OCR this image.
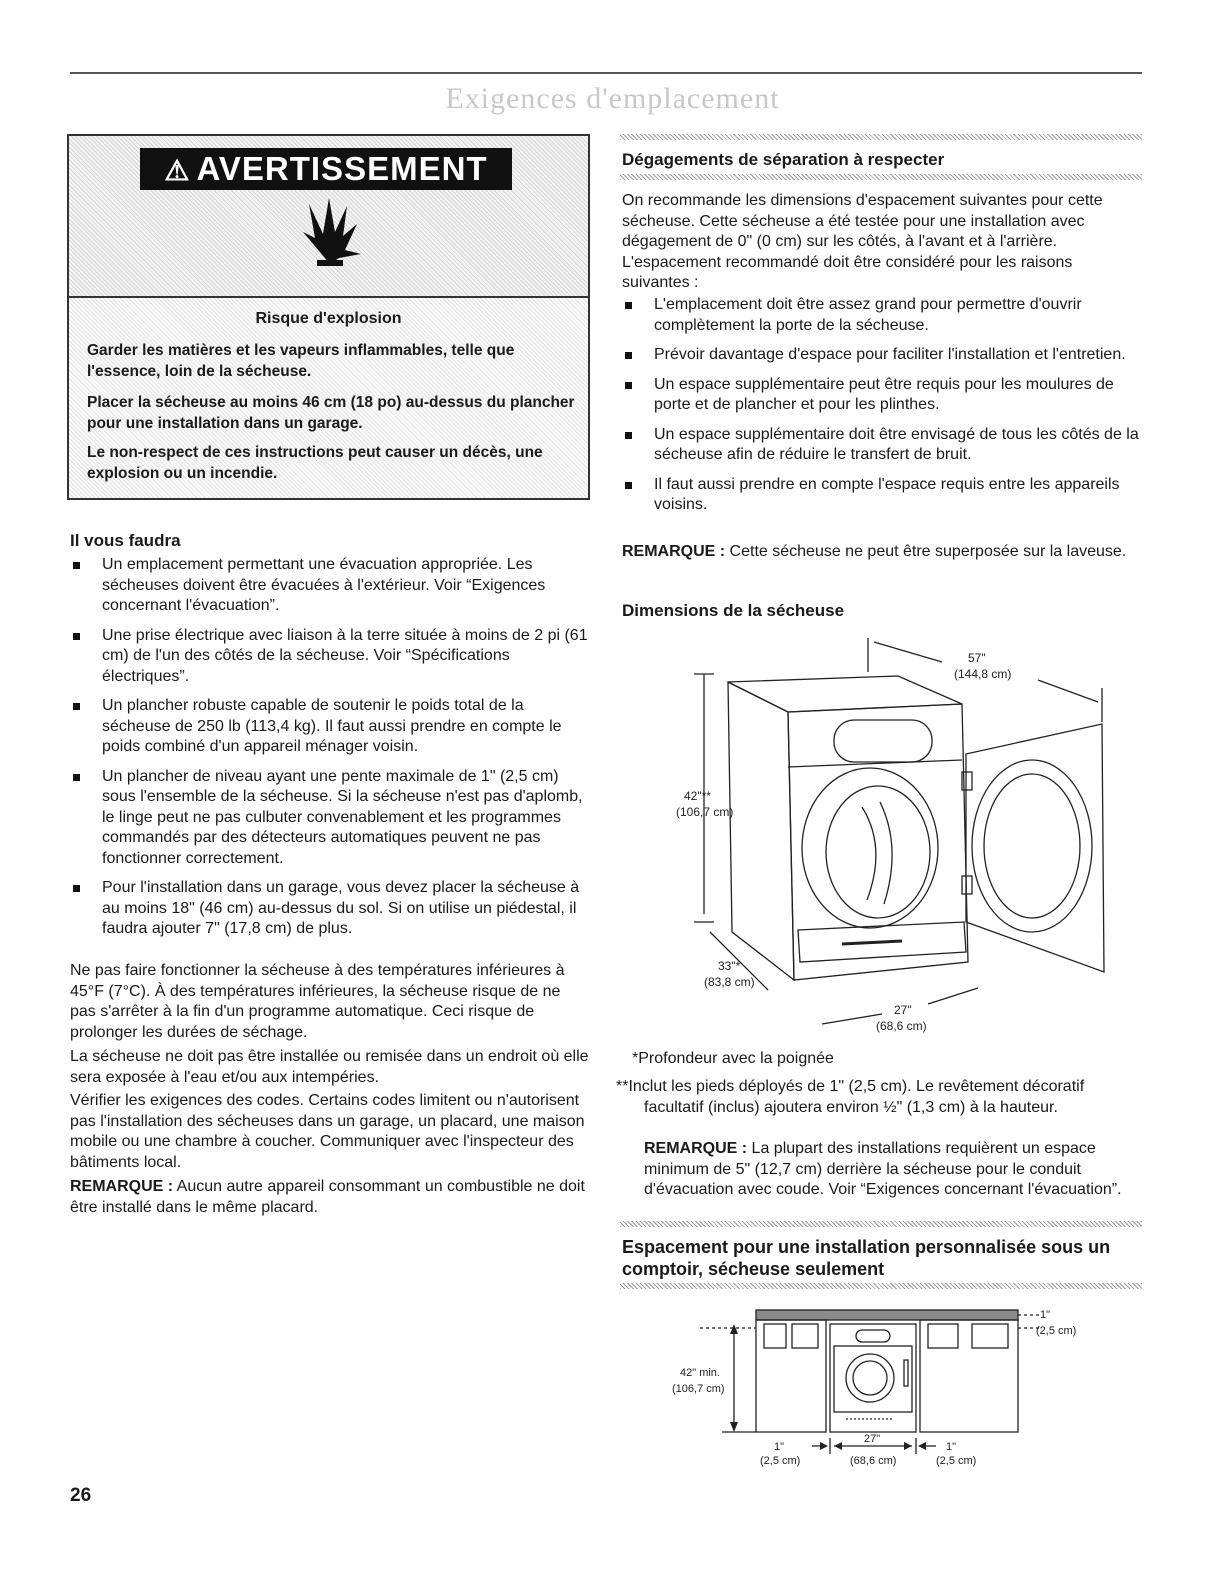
Exigences d'emplacement
⚠ AVERTISSEMENT
Risque d'explosion

Garder les matières et les vapeurs inflammables, telle que l'essence, loin de la sécheuse.

Placer la sécheuse au moins 46 cm (18 po) au-dessus du plancher pour une installation dans un garage.

Le non-respect de ces instructions peut causer un décès, une explosion ou un incendie.

Il vous faudra
Un emplacement permettant une évacuation appropriée. Les sécheuses doivent être évacuées à l'extérieur. Voir “Exigences concernant l'évacuation”.
Une prise électrique avec liaison à la terre située à moins de 2 pi (61 cm) de l'un des côtés de la sécheuse. Voir “Spécifications électriques”.
Un plancher robuste capable de soutenir le poids total de la sécheuse de 250 lb (113,4 kg). Il faut aussi prendre en compte le poids combiné d'un appareil ménager voisin.
Un plancher de niveau ayant une pente maximale de 1" (2,5 cm) sous l'ensemble de la sécheuse. Si la sécheuse n'est pas d'aplomb, le linge peut ne pas culbuter convenablement et les programmes commandés par des détecteurs automatiques peuvent ne pas fonctionner correctement.
Pour l'installation dans un garage, vous devez placer la sécheuse à au moins 18" (46 cm) au-dessus du sol. Si on utilise un piédestal, il faudra ajouter 7" (17,8 cm) de plus.

Ne pas faire fonctionner la sécheuse à des températures inférieures à 45°F (7°C). À des températures inférieures, la sécheuse risque de ne pas s'arrêter à la fin d'un programme automatique. Ceci risque de prolonger les durées de séchage.

La sécheuse ne doit pas être installée ou remisée dans un endroit où elle sera exposée à l'eau et/ou aux intempéries.

Vérifier les exigences des codes. Certains codes limitent ou n'autorisent pas l'installation des sécheuses dans un garage, un placard, une maison mobile ou une chambre à coucher. Communiquer avec l'inspecteur des bâtiments local.

REMARQUE : Aucun autre appareil consommant un combustible ne doit être installé dans le même placard.

Dégagements de séparation à respecter

On recommande les dimensions d'espacement suivantes pour cette sécheuse. Cette sécheuse a été testée pour une installation avec dégagement de 0" (0 cm) sur les côtés, à l'avant et à l'arrière. L'espacement recommandé doit être considéré pour les raisons suivantes :

L'emplacement doit être assez grand pour permettre d'ouvrir complètement la porte de la sécheuse.
Prévoir davantage d'espace pour faciliter l'installation et l'entretien.
Un espace supplémentaire peut être requis pour les moulures de porte et de plancher et pour les plinthes.
Un espace supplémentaire doit être envisagé de tous les côtés de la sécheuse afin de réduire le transfert de bruit.
Il faut aussi prendre en compte l'espace requis entre les appareils voisins.

REMARQUE : Cette sécheuse ne peut être superposée sur la laveuse.

Dimensions de la sécheuse
57"
(144,8 cm)
42"**
(106,7 cm)
33"*
(83,8 cm)
27"
(68,6 cm)

*Profondeur avec la poignée

**Inclut les pieds déployés de 1" (2,5 cm). Le revêtement décoratif facultatif (inclus) ajoutera environ ½" (1,3 cm) à la hauteur.

REMARQUE : La plupart des installations requièrent un espace minimum de 5" (12,7 cm) derrière la sécheuse pour le conduit d'évacuation avec coude. Voir “Exigences concernant l'évacuation”.

Espacement pour une installation personnalisée sous un comptoir, sécheuse seulement
1"
(2,5 cm)
42" min.
(106,7 cm)
1"
(2,5 cm)
27"
(68,6 cm)
1"
(2,5 cm)
26
